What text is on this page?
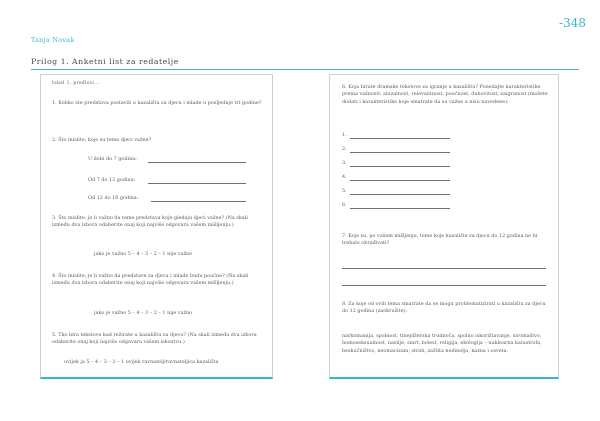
Tanja Novak
-348
Prilog 1. Anketni list za redatelje
tabel 1. pređlozi...
1. Koliko ste predstava postavili u kazalištu za djecu i mlade u posljednje tri godine?
2. Što mislite, koje su teme djeci važne?
U dobi do 7 godina:
Od 7 do 12 godina:
Od 12 do 16 godina:
3. Što mislite, je li važno da teme predstava koje gledaju djeci važne? (Na skali između dva izbora odaberite onaj koji najviše odgovara vašem mišljenju.)
jako je važno 5 – 4 – 3 – 2 – 1 nije važno
4. Što mislite, je li važno da predstave za djecu i mlade budu poučne? (Na skali između dva izbora odaberite onaj koji najviše odgovara vašem mišljenju.)
jako je važno 5 – 4 – 3 – 2 – 1 nije važno
5. Tko bira tekstove kad režirate u kazalištu za djecu? (Na skali između dva izbora odaberite onaj koji najviše odgovara vašem iskustvu.)
uvijek ja 5 – 4 – 3 – 2 – 1 uvijek ravnatelj/ravnateljica kazališta
6. Koja birate dramske tekstove za igranje u kazalištu? Ponedajte karakteristike prema važnosti: aluzalnost, relevantnost, poučnost, duhovitost, zaigranost (možete dodati i karakteristike koje smatrate da su važne a nisu navedene):
1.
2.
3.
4.
5.
6.
7. Koje su, po vašem mišljenju, teme koje kazalište za djecu do 12 godina ne bi trebalo obrađivati?
8. Za koje od ovih tema smatrate da se mogu problematizirati u kazalištu za djecu do 12 godina (zaokružite):
narkomanija, spolnost, tinejdžerska trudnoća, spolno iskorištavanje, siromaštvo, homoseksualnost, nasilje, smrt, bolest, religija, ekologija – nuklearna katastrofa, beskućništvo, neomacizam, strah, zaštita nedinelja, kazna i osveta.
